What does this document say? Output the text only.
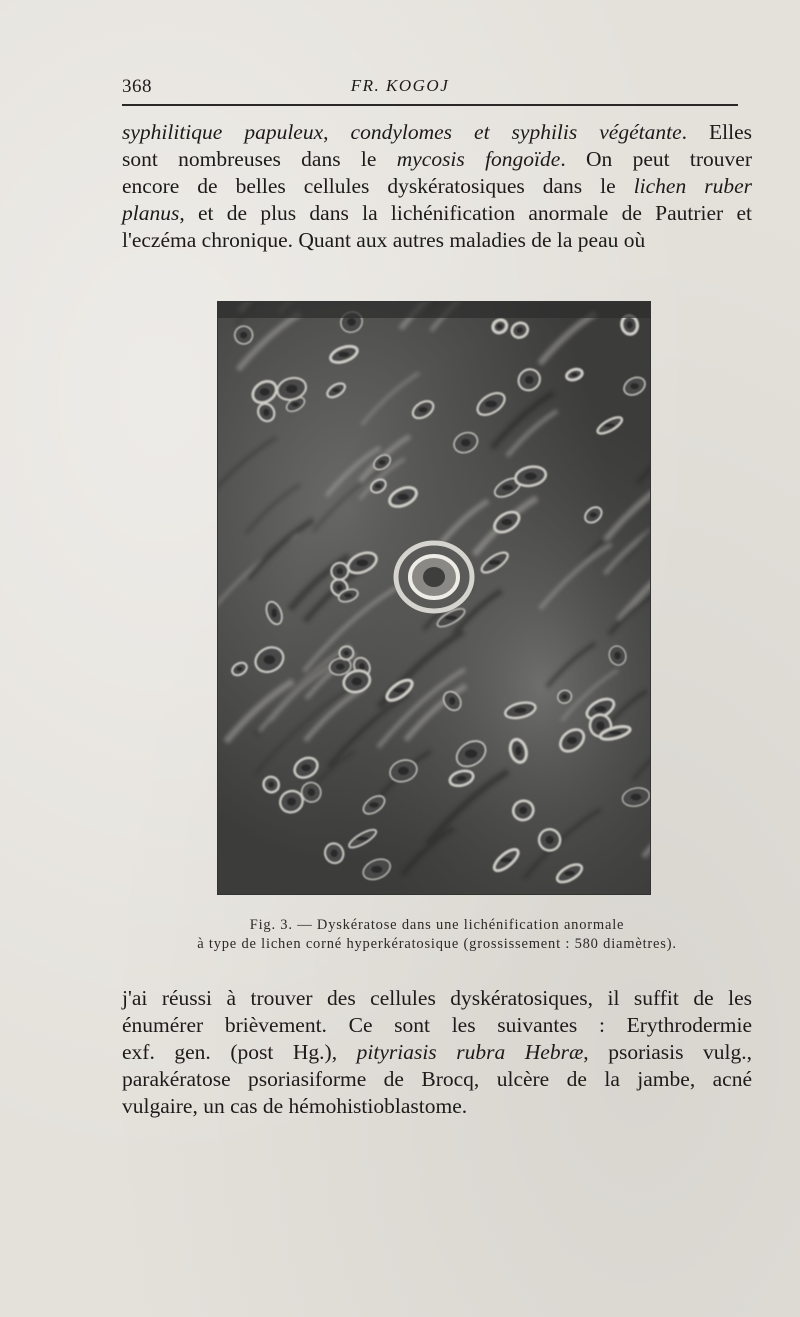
368	FR. KOGOJ
syphilitique papuleux, condylomes et syphilis végétante. Elles
sont nombreuses dans le mycosis fongoïde. On peut trouver
encore de belles cellules dyskératosiques dans le lichen ruber
planus, et de plus dans la lichénification anormale de Pautrier et
l'eczéma chronique. Quant aux autres maladies de la peau où
Fig. 3. — Dyskératose dans une lichénification anormale
à type de lichen corné hyperkératosique (grossissement : 580 diamètres).
j'ai réussi à trouver des cellules dyskératosiques, il suffit de les
énumérer brièvement. Ce sont les suivantes : Erythrodermie
exf. gen. (post Hg.), pityriasis rubra Hebræ, psoriasis vulg.,
parakératose psoriasiforme de Brocq, ulcère de la jambe, acné
vulgaire, un cas de hémohistioblastome.
